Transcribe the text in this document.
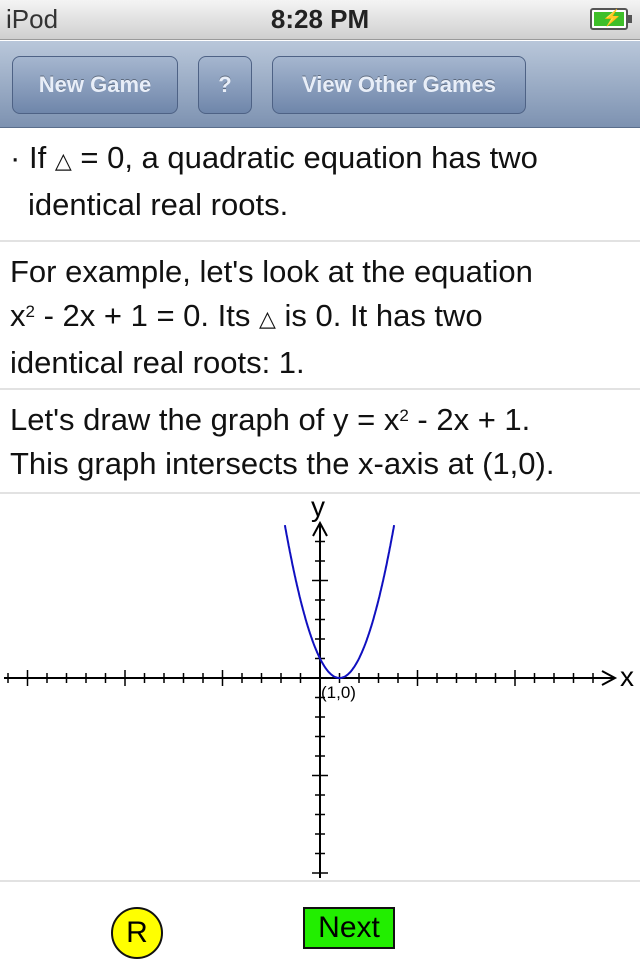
iPod	8:28 PM	⚡
New Game	?	View Other Games
· If △ = 0, a quadratic equation has two
identical real roots.
For example, let's look at the equation
$x^2 - 2x + 1 = 0$. Its △ is 0. It has two
identical real roots: 1.
Let's draw the graph of $y = x^2 - 2x + 1$.
This graph intersects the x-axis at (1,0).
x
y
(1,0)
R	Next
